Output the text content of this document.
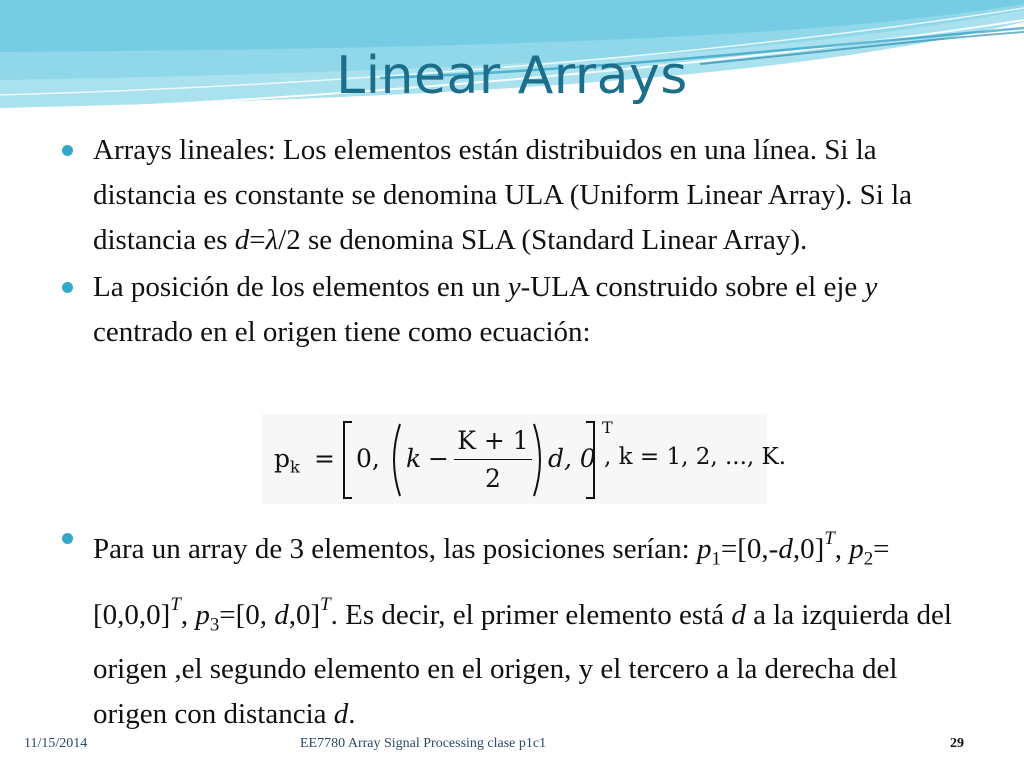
Linear Arrays
Arrays lineales: Los elementos están distribuidos en una línea. Si la distancia es constante se denomina ULA (Uniform Linear Array). Si la distancia es d=λ/2 se denomina SLA (Standard Linear Array).
La posición de los elementos en un y-ULA construido sobre el eje y centrado en el origen tiene como ecuación:
$p_k = 0$, k −
K + 1
2
d, 0
T
, k = 1, 2, ..., K.
Para un array de 3 elementos, las posiciones serían: $p_1=[0,-d,0]^T$, $p_2=[0,0,0]^T$, $p_3=[0$, d,0]$^T$. Es decir, el primer elemento está d a la izquierda del origen ,el segundo elemento en el origen, y el tercero a la derecha del origen con distancia d.
11/15/2014	EE7780 Array Signal Processing clase p1c1	29
